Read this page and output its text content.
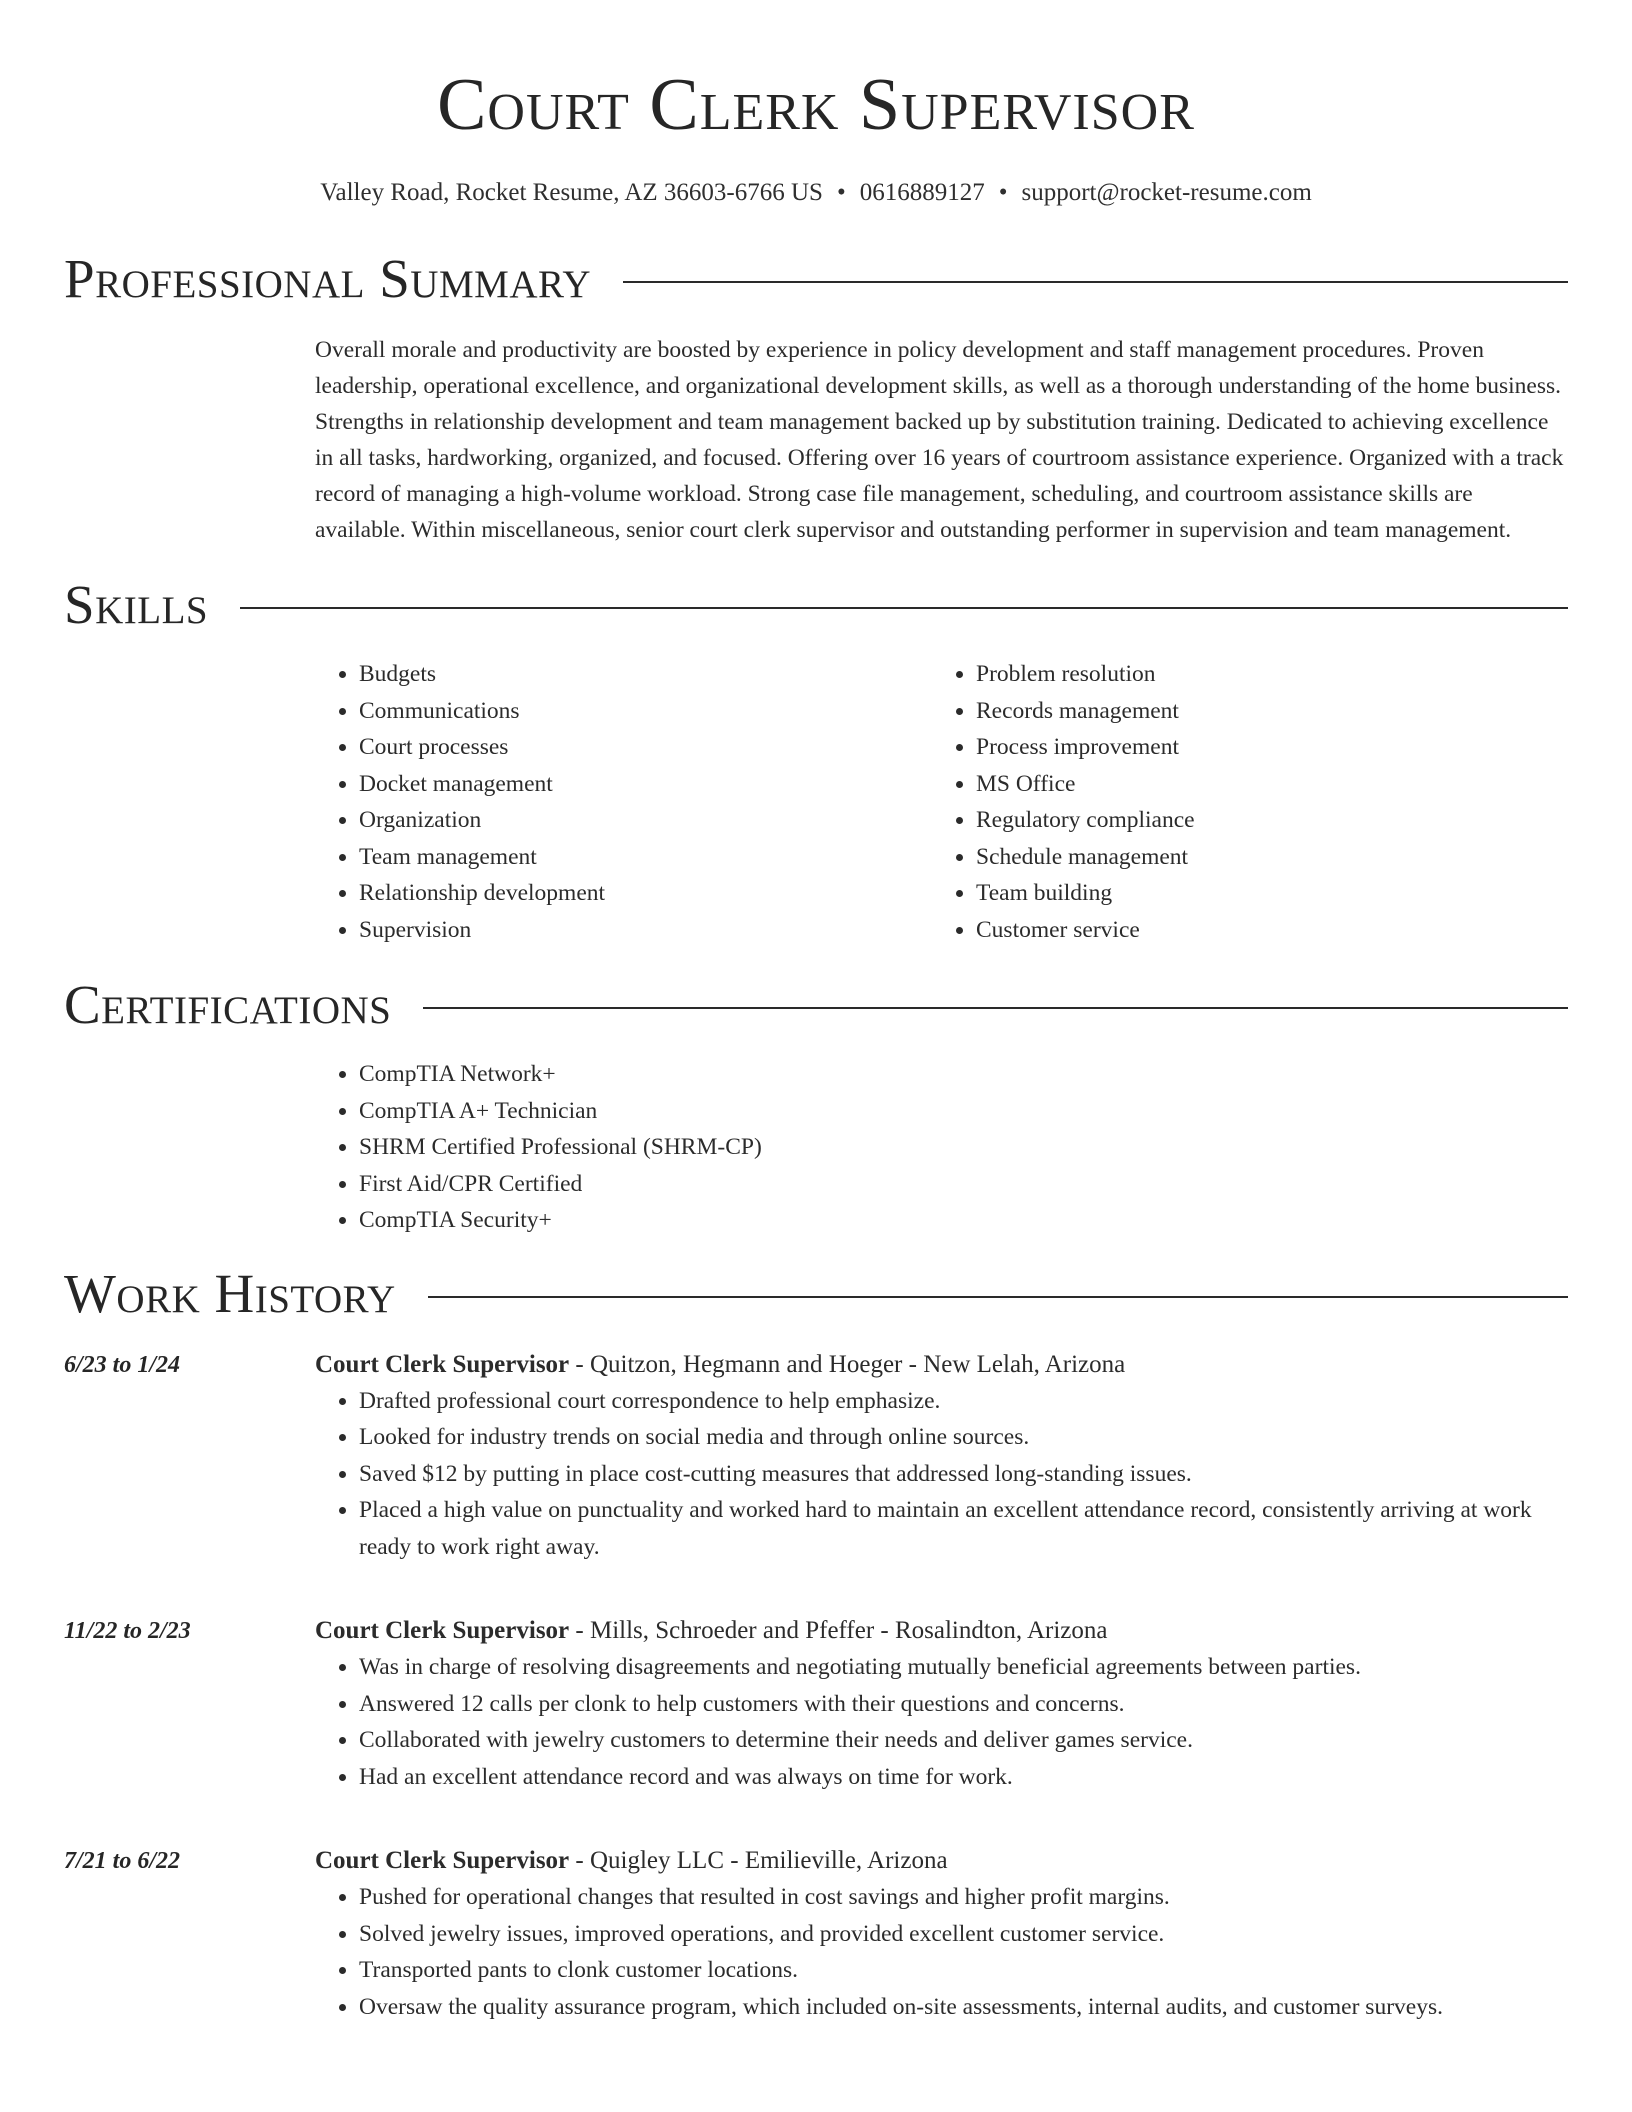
Court Clerk Supervisor
Valley Road, Rocket Resume, AZ 36603-6766 US • 0616889127 • support@rocket-resume.com
Professional Summary
Overall morale and productivity are boosted by experience in policy development and staff management procedures. Proven leadership, operational excellence, and organizational development skills, as well as a thorough understanding of the home business. Strengths in relationship development and team management backed up by substitution training. Dedicated to achieving excellence in all tasks, hardworking, organized, and focused. Offering over 16 years of courtroom assistance experience. Organized with a track record of managing a high-volume workload. Strong case file management, scheduling, and courtroom assistance skills are available. Within miscellaneous, senior court clerk supervisor and outstanding performer in supervision and team management.
Skills
• Budgets
• Communications
• Court processes
• Docket management
• Organization
• Team management
• Relationship development
• Supervision
• Problem resolution
• Records management
• Process improvement
• MS Office
• Regulatory compliance
• Schedule management
• Team building
• Customer service
Certifications
• CompTIA Network+
• CompTIA A+ Technician
• SHRM Certified Professional (SHRM-CP)
• First Aid/CPR Certified
• CompTIA Security+
Work History
6/23 to 1/24	Court Clerk Supervisor - Quitzon, Hegmann and Hoeger - New Lelah, Arizona
• Drafted professional court correspondence to help emphasize.
• Looked for industry trends on social media and through online sources.
• Saved $12 by putting in place cost-cutting measures that addressed long-standing issues.
• Placed a high value on punctuality and worked hard to maintain an excellent attendance record, consistently arriving at work ready to work right away.
11/22 to 2/23	Court Clerk Supervisor - Mills, Schroeder and Pfeffer - Rosalindton, Arizona
• Was in charge of resolving disagreements and negotiating mutually beneficial agreements between parties.
• Answered 12 calls per clonk to help customers with their questions and concerns.
• Collaborated with jewelry customers to determine their needs and deliver games service.
• Had an excellent attendance record and was always on time for work.
7/21 to 6/22	Court Clerk Supervisor - Quigley LLC - Emilieville, Arizona
• Pushed for operational changes that resulted in cost savings and higher profit margins.
• Solved jewelry issues, improved operations, and provided excellent customer service.
• Transported pants to clonk customer locations.
• Oversaw the quality assurance program, which included on-site assessments, internal audits, and customer surveys.
